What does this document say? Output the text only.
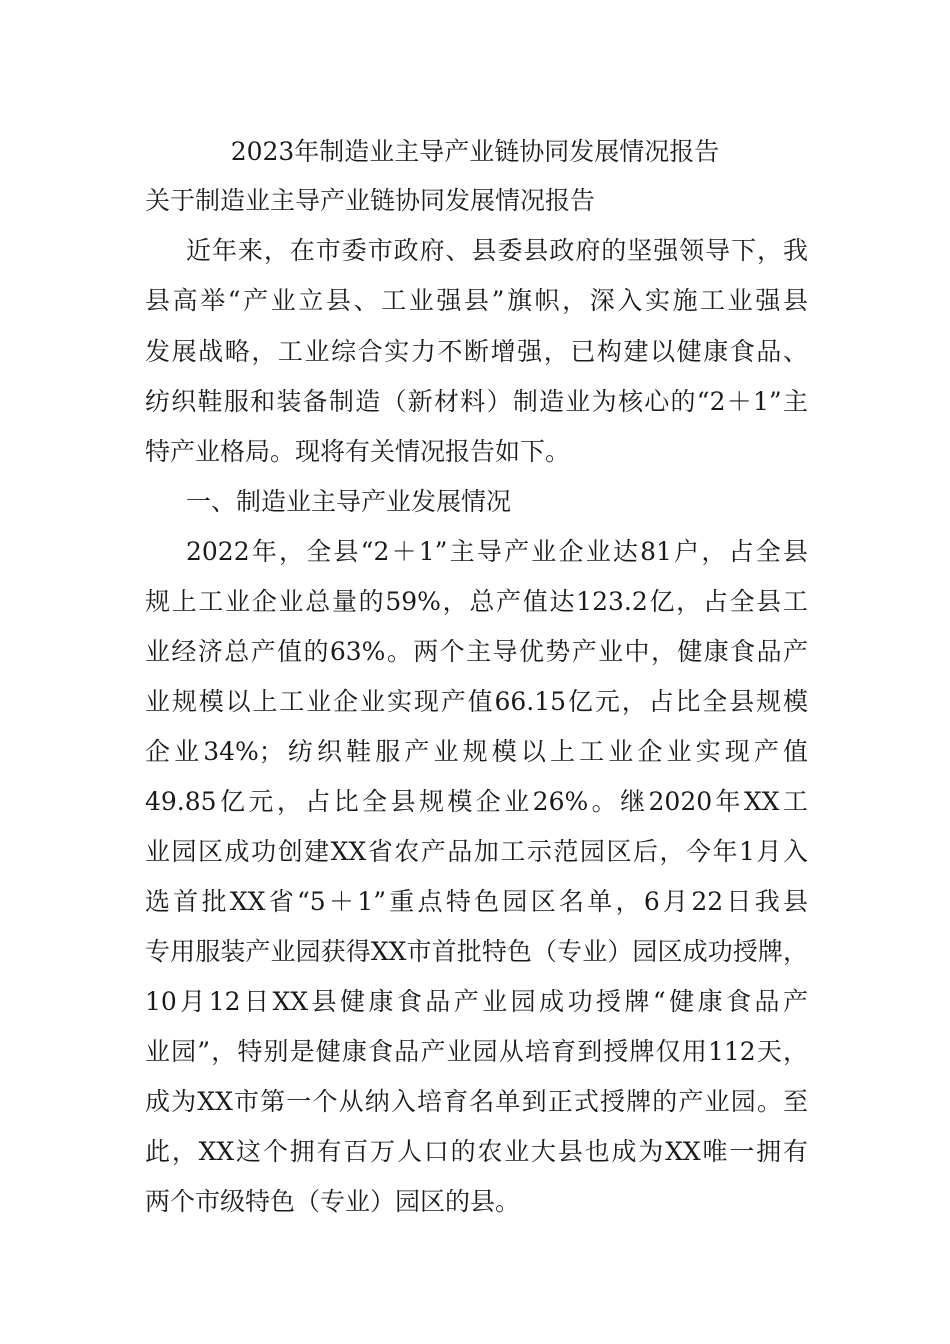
2023年制造业主导产业链协同发展情况报告
关于制造业主导产业链协同发展情况报告
近年来，在市委市政府、县委县政府的坚强领导下，我
县高举“产业立县、工业强县”旗帜，深入实施工业强县
发展战略，工业综合实力不断增强，已构建以健康食品、
纺织鞋服和装备制造（新材料）制造业为核心的“2＋1”主
特产业格局。现将有关情况报告如下。
一、制造业主导产业发展情况
2022年，全县“2＋1”主导产业企业达81户，占全县
规上工业企业总量的59%，总产值达123.2亿，占全县工
业经济总产值的63%。两个主导优势产业中，健康食品产
业规模以上工业企业实现产值66.15亿元，占比全县规模
企业34%；纺织鞋服产业规模以上工业企业实现产值
49.85亿元，占比全县规模企业26%。继2020年XX工
业园区成功创建XX省农产品加工示范园区后，今年1月入
选首批XX省“5＋1”重点特色园区名单，6月22日我县
专用服装产业园获得XX市首批特色（专业）园区成功授牌，
10月12日XX县健康食品产业园成功授牌“健康食品产
业园”，特别是健康食品产业园从培育到授牌仅用112天，
成为XX市第一个从纳入培育名单到正式授牌的产业园。至
此，XX这个拥有百万人口的农业大县也成为XX唯一拥有
两个市级特色（专业）园区的县。
